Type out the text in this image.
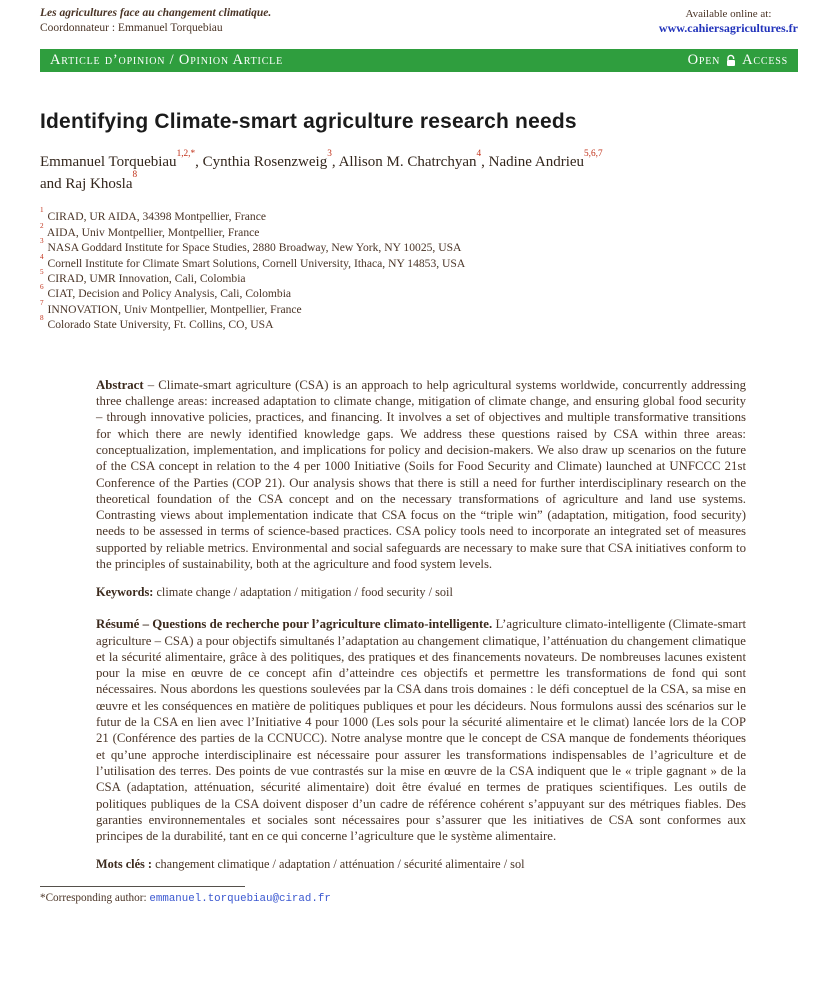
Les agricultures face au changement climatique.
Coordonnateur : Emmanuel Torquebiau
Available online at:
www.cahiersagricultures.fr
Article d’opinion / Opinion Article	Open Access
Identifying Climate-smart agriculture research needs
Emmanuel Torquebiau$^{1,2,*}$, Cynthia Rosenzweig$^3$, Allison M. Chatrchyan$^4$, Nadine Andrieu$^{5,6,7}$
and Raj Khosla$^8$
$^1$ CIRAD, UR AIDA, 34398 Montpellier, France
$^2$ AIDA, Univ Montpellier, Montpellier, France
$^3$ NASA Goddard Institute for Space Studies, 2880 Broadway, New York, NY 10025, USA
$^4$ Cornell Institute for Climate Smart Solutions, Cornell University, Ithaca, NY 14853, USA
$^5$ CIRAD, UMR Innovation, Cali, Colombia
$^6$ CIAT, Decision and Policy Analysis, Cali, Colombia
$^7$ INNOVATION, Univ Montpellier, Montpellier, France
$^8$ Colorado State University, Ft. Collins, CO, USA

Abstract – Climate-smart agriculture (CSA) is an approach to help agricultural systems worldwide, concurrently addressing three challenge areas: increased adaptation to climate change, mitigation of climate change, and ensuring global food security – through innovative policies, practices, and financing. It involves a set of objectives and multiple transformative transitions for which there are newly identified knowledge gaps. We address these questions raised by CSA within three areas: conceptualization, implementation, and implications for policy and decision-makers. We also draw up scenarios on the future of the CSA concept in relation to the 4 per 1000 Initiative (Soils for Food Security and Climate) launched at UNFCCC 21st Conference of the Parties (COP 21). Our analysis shows that there is still a need for further interdisciplinary research on the theoretical foundation of the CSA concept and on the necessary transformations of agriculture and land use systems. Contrasting views about implementation indicate that CSA focus on the “triple win” (adaptation, mitigation, food security) needs to be assessed in terms of science-based practices. CSA policy tools need to incorporate an integrated set of measures supported by reliable metrics. Environmental and social safeguards are necessary to make sure that CSA initiatives conform to the principles of sustainability, both at the agriculture and food system levels.

Keywords: climate change / adaptation / mitigation / food security / soil

Résumé – Questions de recherche pour l’agriculture climato-intelligente. L’agriculture climato-intelligente (Climate-smart agriculture – CSA) a pour objectifs simultanés l’adaptation au changement climatique, l’atténuation du changement climatique et la sécurité alimentaire, grâce à des politiques, des pratiques et des financements novateurs. De nombreuses lacunes existent pour la mise en œuvre de ce concept afin d’atteindre ces objectifs et permettre les transformations de fond qui sont nécessaires. Nous abordons les questions soulevées par la CSA dans trois domaines : le défi conceptuel de la CSA, sa mise en œuvre et les conséquences en matière de politiques publiques et pour les décideurs. Nous formulons aussi des scénarios sur le futur de la CSA en lien avec l’Initiative 4 pour 1000 (Les sols pour la sécurité alimentaire et le climat) lancée lors de la COP 21 (Conférence des parties de la CCNUCC). Notre analyse montre que le concept de CSA manque de fondements théoriques et qu’une approche interdisciplinaire est nécessaire pour assurer les transformations indispensables de l’agriculture et de l’utilisation des terres. Des points de vue contrastés sur la mise en œuvre de la CSA indiquent que le « triple gagnant » de la CSA (adaptation, atténuation, sécurité alimentaire) doit être évalué en termes de pratiques scientifiques. Les outils de politiques publiques de la CSA doivent disposer d’un cadre de référence cohérent s’appuyant sur des métriques fiables. Des garanties environnementales et sociales sont nécessaires pour s’assurer que les initiatives de CSA sont conformes aux principes de la durabilité, tant en ce qui concerne l’agriculture que le système alimentaire.

Mots clés : changement climatique / adaptation / atténuation / sécurité alimentaire / sol

*Corresponding author: emmanuel.torquebiau@cirad.fr
